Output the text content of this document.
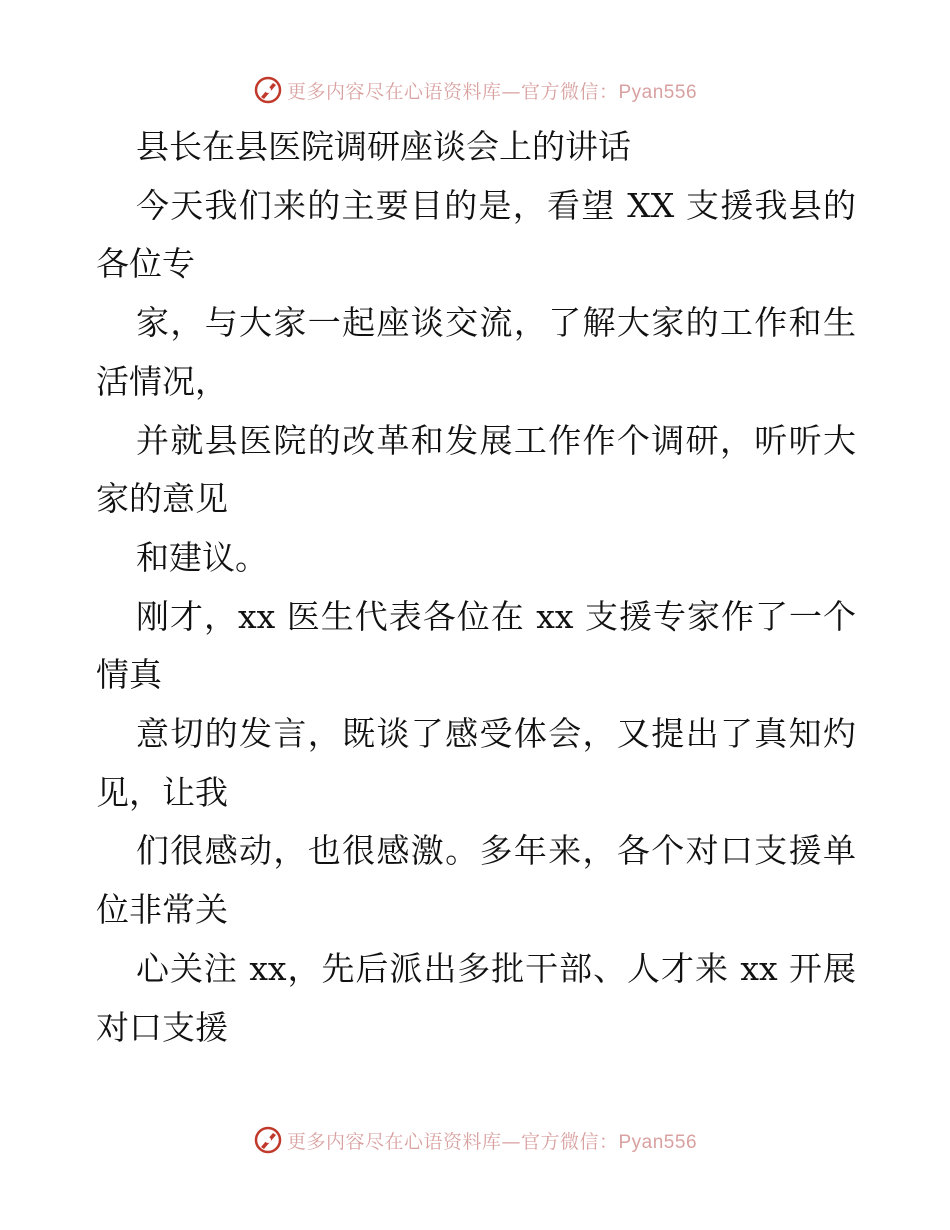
更多内容尽在心语资料库—官方微信：Pyan556

县长在县医院调研座谈会上的讲话

今天我们来的主要目的是，看望 XX 支援我县的各位专

家，与大家一起座谈交流，了解大家的工作和生活情况，

并就县医院的改革和发展工作作个调研，听听大家的意见

和建议。

刚才，xx 医生代表各位在 xx 支援专家作了一个情真

意切的发言，既谈了感受体会，又提出了真知灼见，让我

们很感动，也很感激。多年来，各个对口支援单位非常关

心关注 xx，先后派出多批干部、人才来 xx 开展对口支援

更多内容尽在心语资料库—官方微信：Pyan556
